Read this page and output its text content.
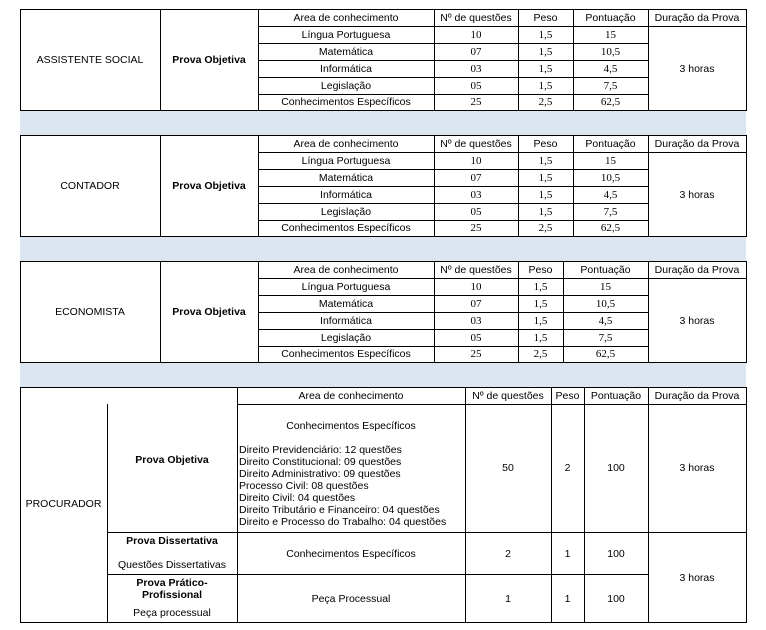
Area de conhecimento	Nº de questões	Peso	Pontuação	Duração da Prova
ASSISTENTE SOCIAL	Prova Objetiva
3 horas
Língua Portuguesa	10	1,5	15
Matemática	07	1,5	10,5
Informática	03	1,5	4,5
Legislação	05	1,5	7,5
Conhecimentos Específicos	25	2,5	62,5
Area de conhecimento	Nº de questões	Peso	Pontuação	Duração da Prova
CONTADOR	Prova Objetiva
3 horas
Língua Portuguesa	10	1,5	15
Matemática	07	1,5	10,5
Informática	03	1,5	4,5
Legislação	05	1,5	7,5
Conhecimentos Específicos	25	2,5	62,5
Area de conhecimento	Nº de questões	Peso	Pontuação	Duração da Prova
ECONOMISTA	Prova Objetiva
3 horas
Língua Portuguesa	10	1,5	15
Matemática	07	1,5	10,5
Informática	03	1,5	4,5
Legislação	05	1,5	7,5
Conhecimentos Específicos	25	2,5	62,5
Area de conhecimento	Nº de questões	Peso	Pontuação	Duração da Prova
PROCURADOR
Prova Objetiva
Conhecimentos Específicos
Direito Previdenciário: 12 questões
Direito Constitucional: 09 questões
Direito Administrativo: 09 questões
Processo Civil: 08 questões
Direito Civil: 04 questões
Direito Tributário e Financeiro: 04 questões
Direito e Processo do Trabalho: 04 questões
50	2	100	3 horas
Prova Dissertativa
Questões Dissertativas
Conhecimentos Específicos	2	1	100
Prova Prático-Profissional
Peça processual
Peça Processual	1	1	100
3 horas
